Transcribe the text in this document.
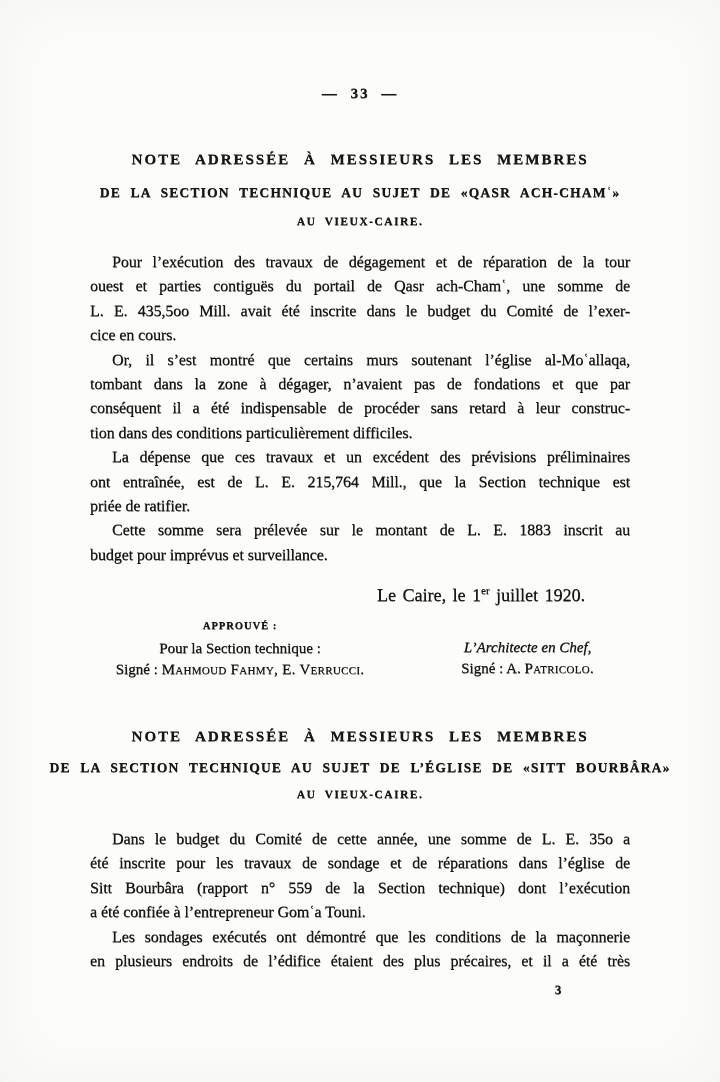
— 33 —
NOTE ADRESSÉE À MESSIEURS LES MEMBRES
DE LA SECTION TECHNIQUE AU SUJET DE «QASR ACH-CHAMʿ»
AU VIEUX-CAIRE.
Pour l’exécution des travaux de dégagement et de réparation de la tour
ouest et parties contiguës du portail de Qasr ach-Chamʿ, une somme de
L. E. 435,5oo Mill. avait été inscrite dans le budget du Comité de l’exer-
cice en cours.
Or, il s’est montré que certains murs soutenant l’église al-Moʿallaqa,
tombant dans la zone à dégager, n’avaient pas de fondations et que par
conséquent il a été indispensable de procéder sans retard à leur construc-
tion dans des conditions particulièrement difficiles.
La dépense que ces travaux et un excédent des prévisions préliminaires
ont entraînée, est de L. E. 215,764 Mill., que la Section technique est
priée de ratifier.
Cette somme sera prélevée sur le montant de L. E. 1883 inscrit au
budget pour imprévus et surveillance.
Le Caire, le 1er juillet 1920.
APPROUVÉ :
Pour la Section technique :
Signé : Mahmoud Fahmy, E. Verrucci.
L’Architecte en Chef,
Signé : A. Patricolo.
NOTE ADRESSÉE À MESSIEURS LES MEMBRES
DE LA SECTION TECHNIQUE AU SUJET DE L’ÉGLISE DE «SITT BOURBÂRA»
AU VIEUX-CAIRE.
Dans le budget du Comité de cette année, une somme de L. E. 35o a
été inscrite pour les travaux de sondage et de réparations dans l’église de
Sitt Bourbâra (rapport n° 559 de la Section technique) dont l’exécution
a été confiée à l’entrepreneur Gomʿa Touni.
Les sondages exécutés ont démontré que les conditions de la maçonnerie
en plusieurs endroits de l’édifice étaient des plus précaires, et il a été très
3
